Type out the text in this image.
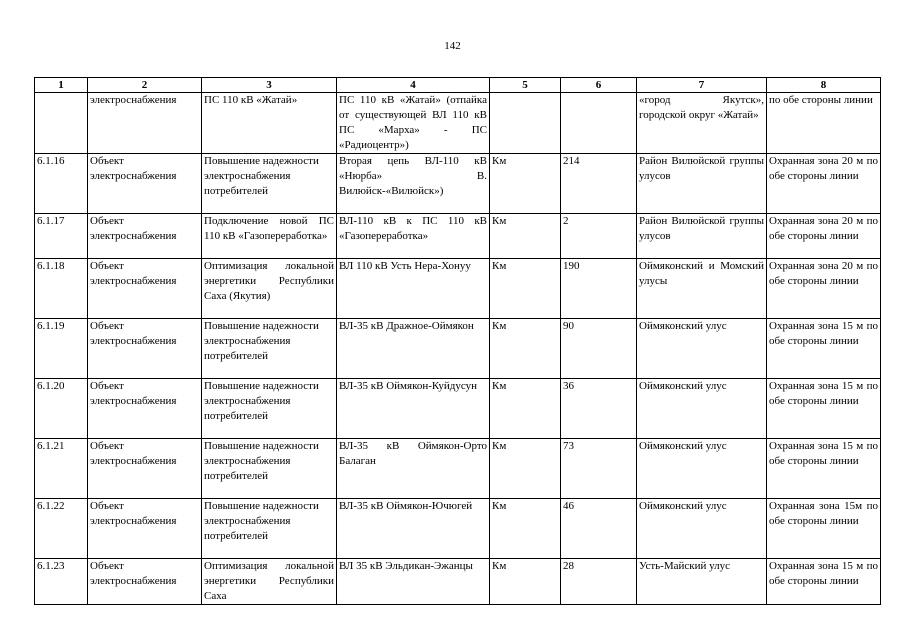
142
1	2	3	4	5	6	7	8
	электроснабжения	ПС 110 кВ «Жатай»	ПС 110 кВ «Жатай» (отпайка от существующей ВЛ 110 кВ ПС «Марха» - ПС «Радиоцентр»)			«город Якутск», городской округ «Жатай»	по обе стороны линии
6.1.16	Объект электроснабжения	Повышение надежности электроснабжения потребителей	Вторая цепь ВЛ-110 кВ «Нюрба» В. Вилюйск-«Вилюйск»)	Км	214	Район Вилюйской группы улусов	Охранная зона 20 м по обе стороны линии
6.1.17	Объект электроснабжения	Подключение новой ПС 110 кВ «Газопереработка»	ВЛ-110 кВ к ПС 110 кВ «Газопереработка»	Км	2	Район Вилюйской группы улусов	Охранная зона 20 м по обе стороны линии
6.1.18	Объект электроснабжения	Оптимизация локальной энергетики Республики Саха (Якутия)	ВЛ 110 кВ Усть Нера-Хонуу	Км	190	Оймяконский и Момский улусы	Охранная зона 20 м по обе стороны линии
6.1.19	Объект электроснабжения	Повышение надежности электроснабжения потребителей	ВЛ-35 кВ Дражное-Оймякон	Км	90	Оймяконский улус	Охранная зона 15 м по обе стороны линии
6.1.20	Объект электроснабжения	Повышение надежности электроснабжения потребителей	ВЛ-35 кВ Оймякон-Куйдусун	Км	36	Оймяконский улус	Охранная зона 15 м по обе стороны линии
6.1.21	Объект электроснабжения	Повышение надежности электроснабжения потребителей	ВЛ-35 кВ Оймякон-Орто Балаган	Км	73	Оймяконский улус	Охранная зона 15 м по обе стороны линии
6.1.22	Объект электроснабжения	Повышение надежности электроснабжения потребителей	ВЛ-35 кВ Оймякон-Ючюгей	Км	46	Оймяконский улус	Охранная зона 15м по обе стороны линии
6.1.23	Объект электроснабжения	Оптимизация локальной энергетики Республики Саха	ВЛ 35 кВ Эльдикан-Эжанцы	Км	28	Усть-Майский улус	Охранная зона 15 м по обе стороны линии
